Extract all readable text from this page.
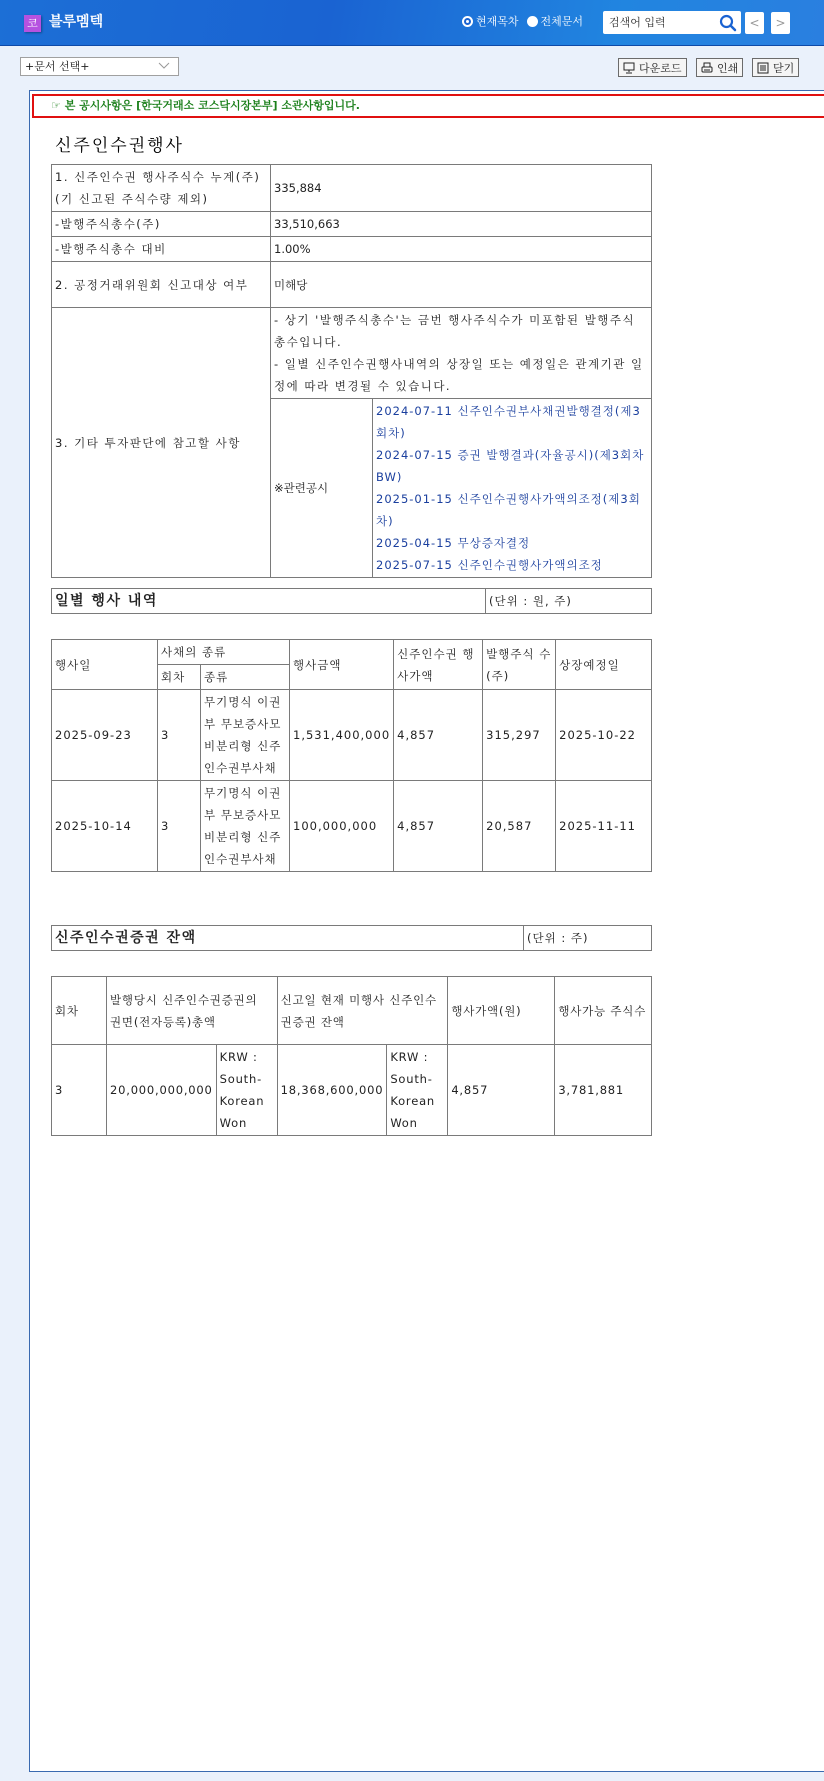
코 블루멤텍	현재목차 전체문서
검색어 입력	<	>
+문서 선택+	다운로드	인쇄	닫기
☞ 본 공시사항은 [한국거래소 코스닥시장본부] 소관사항입니다.
신주인수권행사
1. 신주인수권 행사주식수 누계(주)(기 신고된 주식수량 제외)	335,884	
-발행주식총수(주)	33,510,663	
-발행주식총수 대비	1.00%	
2. 공정거래위원회 신고대상 여부	미해당	
3. 기타 투자판단에 참고할 사항	- 상기 '발행주식총수'는 금번 행사주식수가 미포함된 발행주식 총수입니다.
- 일별 신주인수권행사내역의 상장일 또는 예정일은 관계기관 일정에 따라 변경될 수 있습니다.	

	※관련공시	2024-07-11 신주인수권부사채권발행결정(제3회차)
2024-07-15 증권 발행결과(자율공시)(제3회차 BW)
2025-01-15 신주인수권행사가액의조정(제3회차)
2025-04-15 무상증자결정
2025-07-15 신주인수권행사가액의조정
일별 행사 내역	(단위 : 원, 주)
행사일	사채의 종류		행사금액	신주인수권 행사가액	발행주식 수(주)	상장예정일
	회차	종류				
2025-09-23	3	무기명식 이권부 무보증사모 비분리형 신주인수권부사채	1,531,400,000	4,857	315,297	2025-10-22
2025-10-14	3	무기명식 이권부 무보증사모 비분리형 신주인수권부사채	100,000,000	4,857	20,587	2025-11-11
신주인수권증권 잔액	(단위 : 주)
회차	발행당시 신주인수권증권의 권면(전자등록)총액		신고일 현재 미행사 신주인수권증권 잔액		행사가액(원)	행사가능 주식수
3	20,000,000,000	KRW : South-Korean Won	18,368,600,000	KRW : South-Korean Won	4,857	3,781,881
